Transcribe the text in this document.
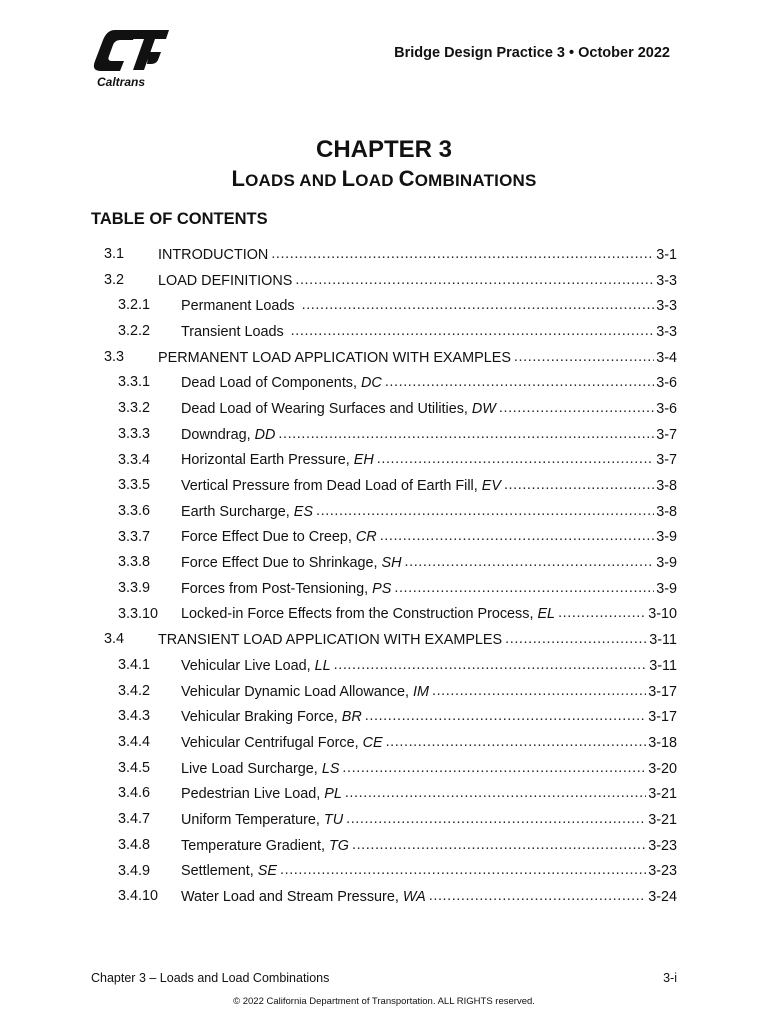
Caltrans
Bridge Design Practice 3 • October 2022
CHAPTER 3
LOADS AND LOAD COMBINATIONS
TABLE OF CONTENTS
3.1 INTRODUCTION .....	3-1
3.2 LOAD DEFINITIONS .....	3-3
3.2.1 Permanent Loads .....	3-3
3.2.2 Transient Loads .....	3-3
3.3 PERMANENT LOAD APPLICATION WITH EXAMPLES .....	3-4
3.3.1 Dead Load of Components, DC .....	3-6
3.3.2 Dead Load of Wearing Surfaces and Utilities, DW .....	3-6
3.3.3 Downdrag, DD .....	3-7
3.3.4 Horizontal Earth Pressure, EH .....	3-7
3.3.5 Vertical Pressure from Dead Load of Earth Fill, EV .....	3-8
3.3.6 Earth Surcharge, ES .....	3-8
3.3.7 Force Effect Due to Creep, CR .....	3-9
3.3.8 Force Effect Due to Shrinkage, SH .....	3-9
3.3.9 Forces from Post-Tensioning, PS .....	3-9
3.3.10 Locked-in Force Effects from the Construction Process, EL .....	3-10
3.4 TRANSIENT LOAD APPLICATION WITH EXAMPLES .....	3-11
3.4.1 Vehicular Live Load, LL .....	3-11
3.4.2 Vehicular Dynamic Load Allowance, IM .....	3-17
3.4.3 Vehicular Braking Force, BR .....	3-17
3.4.4 Vehicular Centrifugal Force, CE .....	3-18
3.4.5 Live Load Surcharge, LS .....	3-20
3.4.6 Pedestrian Live Load, PL .....	3-21
3.4.7 Uniform Temperature, TU .....	3-21
3.4.8 Temperature Gradient, TG .....	3-23
3.4.9 Settlement, SE .....	3-23
3.4.10 Water Load and Stream Pressure, WA .....	3-24
Chapter 3 – Loads and Load Combinations	3-i
© 2022 California Department of Transportation. ALL RIGHTS reserved.
